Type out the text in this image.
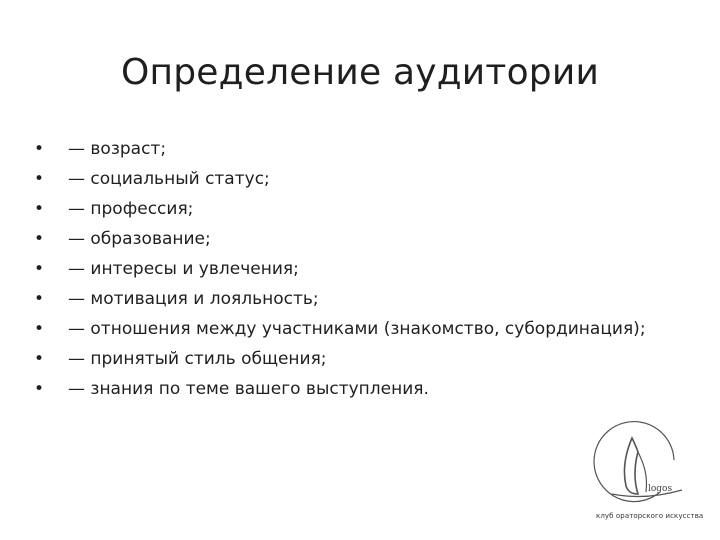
Определение аудитории
• — возраст;
• — социальный статус;
• — профессия;
• — образование;
• — интересы и увлечения;
• — мотивация и лояльность;
• — отношения между участниками (знакомство, субординация);
• — принятый стиль общения;
• — знания по теме вашего выступления.
logos
клуб ораторского искусства
